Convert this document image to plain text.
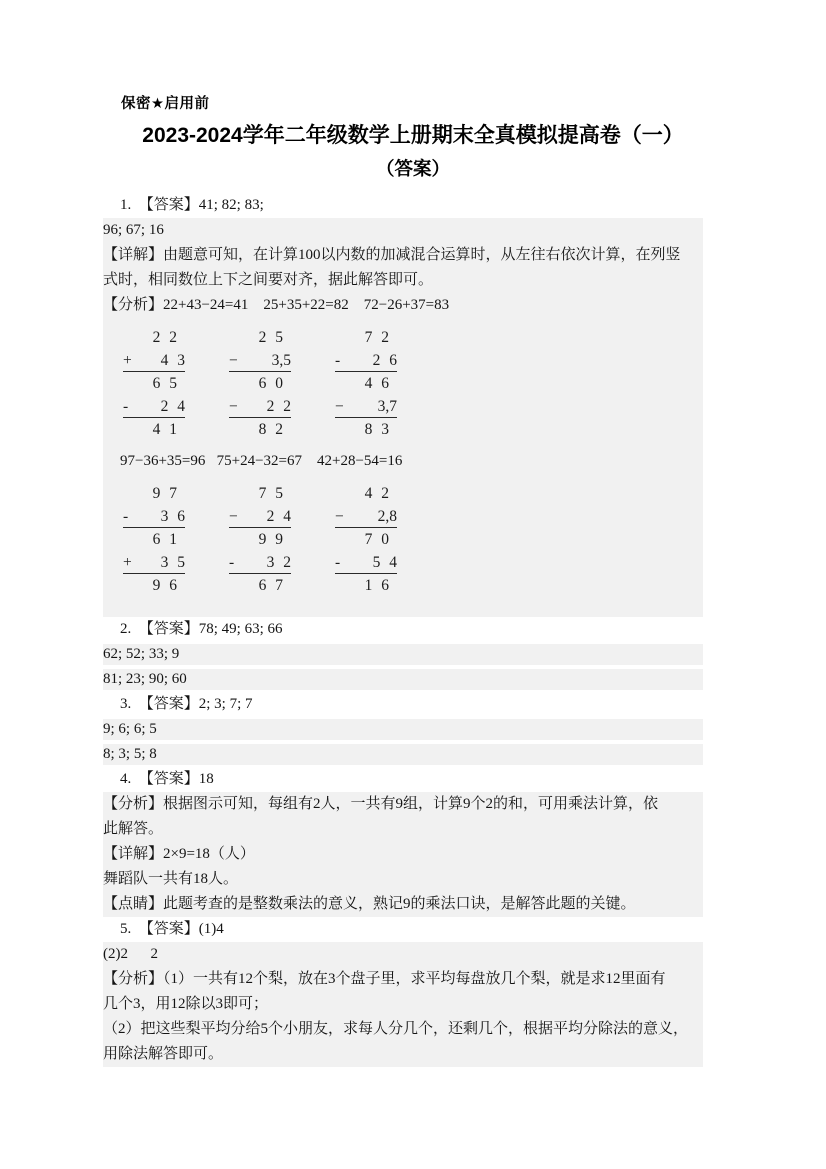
保密★启用前
2023-2024学年二年级数学上册期末全真模拟提高卷（一）
（答案）
1.  【答案】41; 82; 83;
96; 67; 16
【详解】由题意可知，在计算100以内数的加减混合运算时，从左往右依次计算，在列竖
式时，相同数位上下之间要对齐，据此解答即可。
【分析】22+43−24=41    25+35+22=82    72−26+37=83
2 2
+ 4 3
6 5
- 2 4
4 1
2 5
− 3,5
6 0
− 2 2
8 2
7 2
- 2 6
4 6
− 3,7
8 3
97−36+35=96   75+24−32=67    42+28−54=16
9 7
- 3 6
6 1
+ 3 5
9 6
7 5
− 2 4
9 9
- 3 2
6 7
4 2
− 2,8
7 0
- 5 4
1 6
2.  【答案】78; 49; 63; 66
62; 52; 33; 9
81; 23; 90; 60
3.  【答案】2; 3; 7; 7
9; 6; 6; 5
8; 3; 5; 8
4.  【答案】18
【分析】根据图示可知，每组有2人，一共有9组，计算9个2的和，可用乘法计算，依
此解答。
【详解】2×9=18（人）
舞蹈队一共有18人。
【点睛】此题考查的是整数乘法的意义，熟记9的乘法口诀，是解答此题的关键。
5.  【答案】(1)4
(2)2      2
【分析】（1）一共有12个梨，放在3个盘子里，求平均每盘放几个梨，就是求12里面有
几个3，用12除以3即可；
（2）把这些梨平均分给5个小朋友，求每人分几个，还剩几个，根据平均分除法的意义，
用除法解答即可。
